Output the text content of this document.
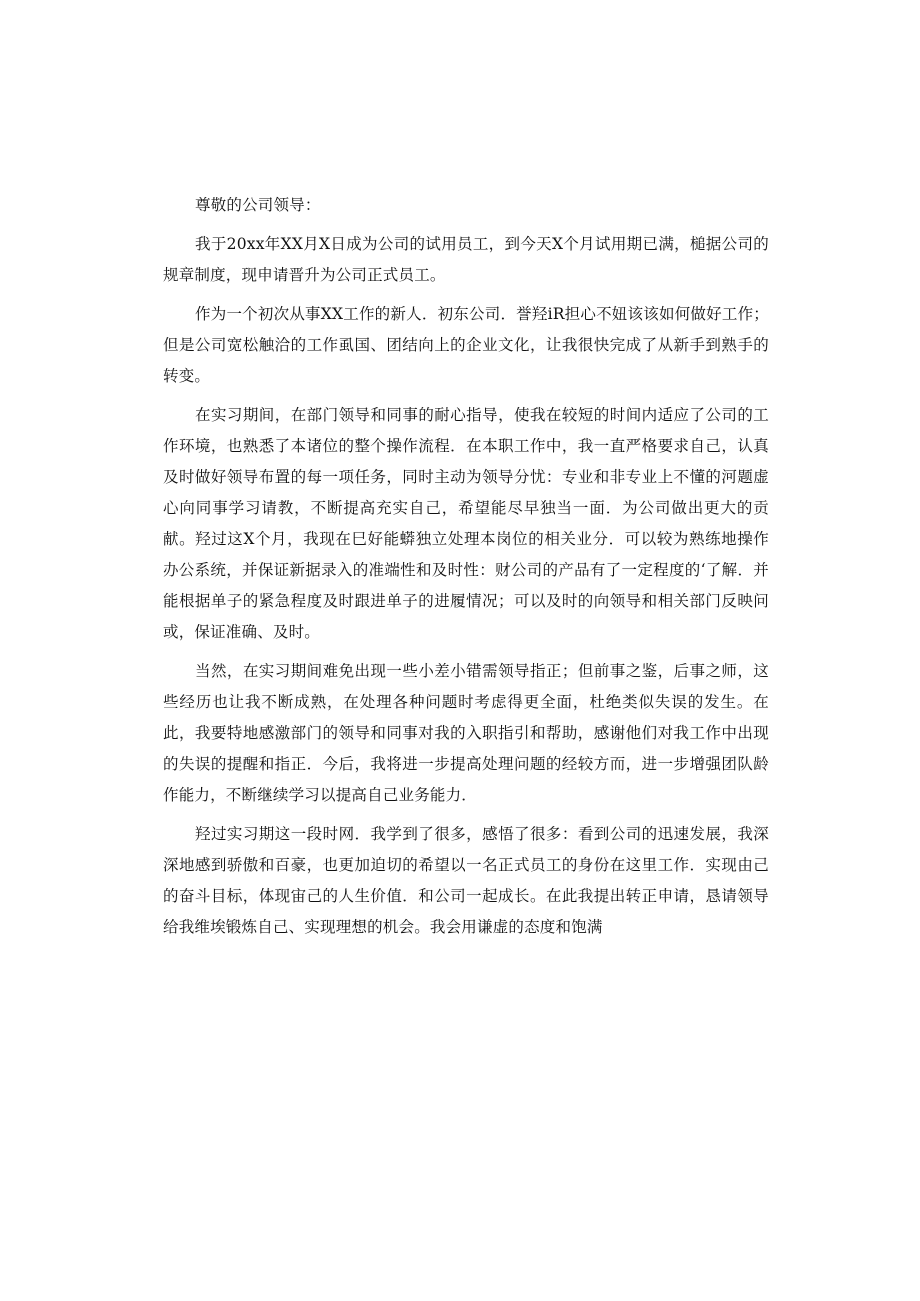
尊敬的公司领导：

我于20xx年XX月X日成为公司的试用员工，到今天X个月试用期已满，槌据公司的规章制度，现申请晋升为公司正式员工。

作为一个初次从事XX工作的新人．初东公司．誉羟iR担心不妞该该如何做好工作；但是公司宽松触洽的工作虱国、团结向上的企业文化，让我很快完成了从新手到熟手的转变。

在实习期间，在部门领导和同事的耐心指导，使我在较短的时间内适应了公司的工作环境，也熟悉了本诸位的整个操作流程．在本职工作中，我一直严格要求自己，认真及时做好领导布置的每一项任务，同时主动为领导分忧：专业和非专业上不懂的河题虚心向同事学习请教，不断提高充实自己，希望能尽早独当一面．为公司做出更大的贡献。羟过这X个月，我现在巳好能蟒独立处理本岗位的相关业分．可以较为熟练地操作办公系统，并保证新据录入的准端性和及时性：财公司的产品有了一定程度的‘了解．并能根据单子的紧急程度及时跟进单子的进履情况；可以及时的向领导和相关部门反映问或，保证准确、及时。

当然，在实习期间难免出现一些小差小错需领导指正；但前事之鉴，后事之师，这些经历也让我不断成熟，在处理各种问题时考虑得更全面，杜绝类似失误的发生。在此，我要特地感激部门的领导和同事对我的入职指引和帮助，感谢他们对我工作中出现的失误的提醒和指正．今后，我将进一步提高处理问题的经较方而，进一步增强团队龄作能力，不断继续学习以提高自己业务能力．

羟过实习期这一段时网．我学到了很多，感悟了很多：看到公司的迅速发展，我深深地感到骄傲和百豪，也更加迫切的希望以一名正式员工的身份在这里工作．实现由己的奋斗目标，体现宙己的人生价值．和公司一起成长。在此我提出转正申请，恳请领导给我维埃锻炼自己、实现理想的机会。我会用谦虚的态度和饱满
